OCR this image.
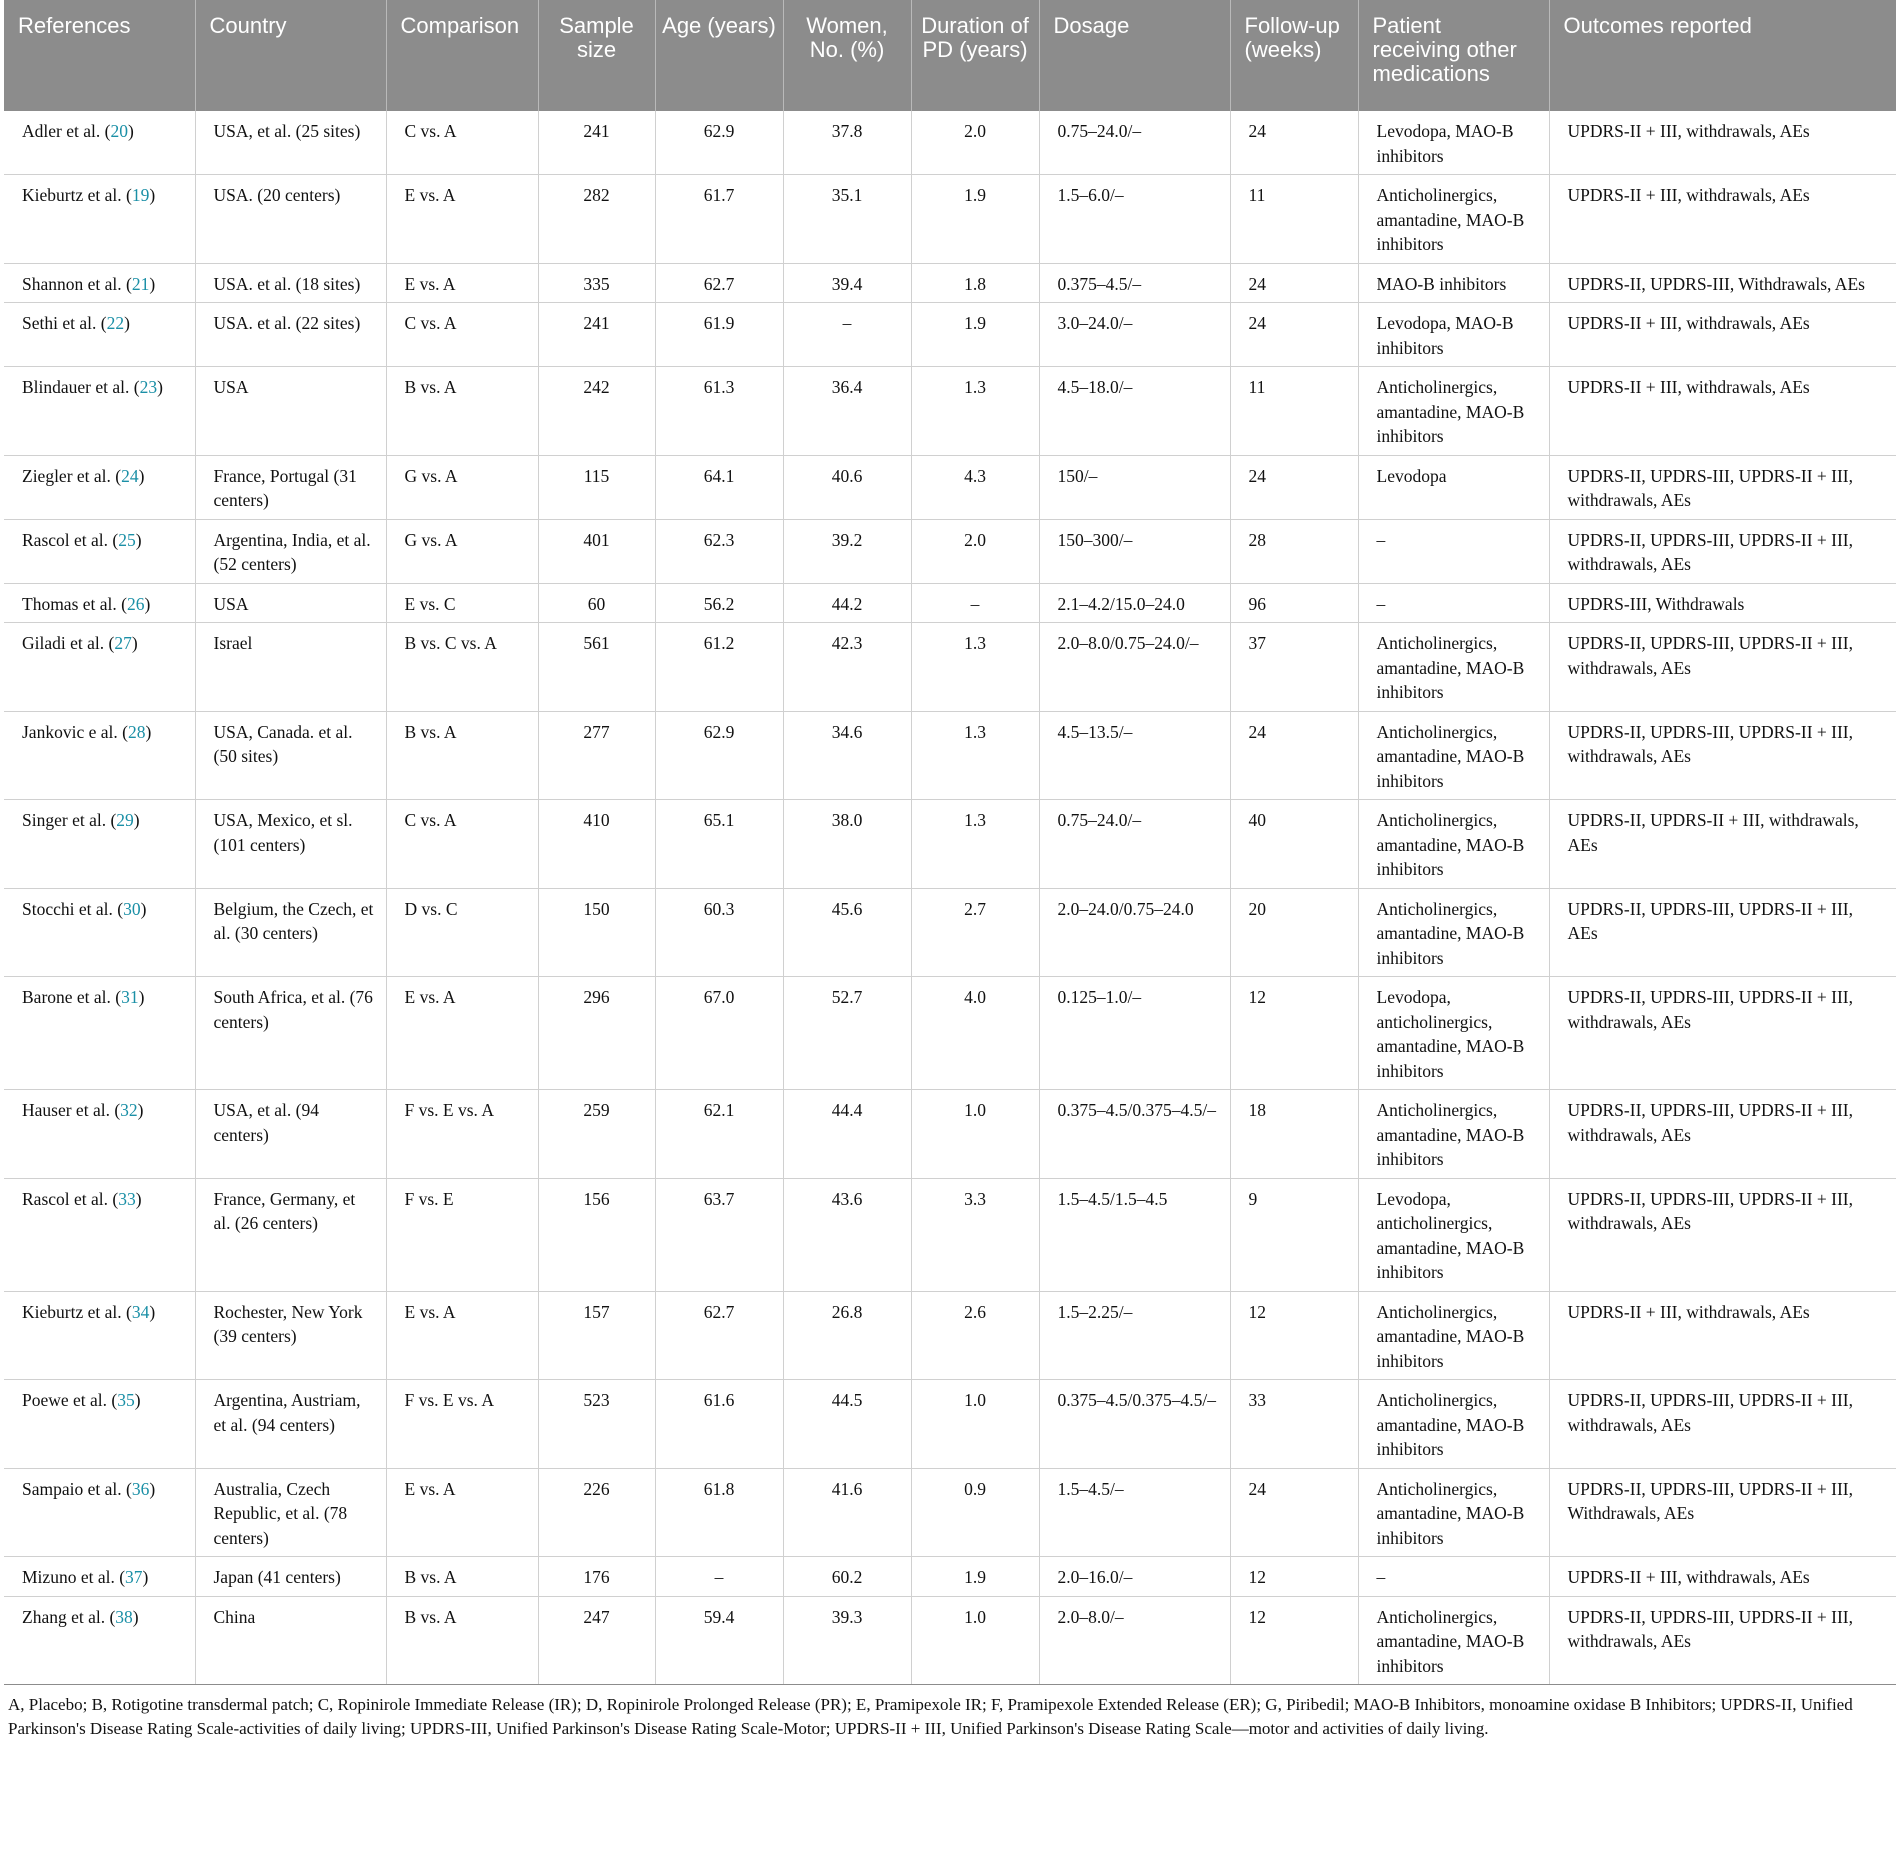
References	Country	Comparison	Sample size	Age (years)	Women, No. (%)	Duration of PD (years)	Dosage	Follow-up (weeks)	Patient receiving other medications	Outcomes reported
Adler et al. (20)	USA, et al. (25 sites)	C vs. A	241	62.9	37.8	2.0	0.75–24.0/–	24	Levodopa, MAO-B inhibitors	UPDRS-II + III, withdrawals, AEs
Kieburtz et al. (19)	USA. (20 centers)	E vs. A	282	61.7	35.1	1.9	1.5–6.0/–	11	Anticholinergics, amantadine, MAO-B inhibitors	UPDRS-II + III, withdrawals, AEs
Shannon et al. (21)	USA. et al. (18 sites)	E vs. A	335	62.7	39.4	1.8	0.375–4.5/–	24	MAO-B inhibitors	UPDRS-II, UPDRS-III, Withdrawals, AEs
Sethi et al. (22)	USA. et al. (22 sites)	C vs. A	241	61.9	–	1.9	3.0–24.0/–	24	Levodopa, MAO-B inhibitors	UPDRS-II + III, withdrawals, AEs
Blindauer et al. (23)	USA	B vs. A	242	61.3	36.4	1.3	4.5–18.0/–	11	Anticholinergics, amantadine, MAO-B inhibitors	UPDRS-II + III, withdrawals, AEs
Ziegler et al. (24)	France, Portugal (31 centers)	G vs. A	115	64.1	40.6	4.3	150/–	24	Levodopa	UPDRS-II, UPDRS-III, UPDRS-II + III, withdrawals, AEs
Rascol et al. (25)	Argentina, India, et al. (52 centers)	G vs. A	401	62.3	39.2	2.0	150–300/–	28	–	UPDRS-II, UPDRS-III, UPDRS-II + III, withdrawals, AEs
Thomas et al. (26)	USA	E vs. C	60	56.2	44.2	–	2.1–4.2/15.0–24.0	96	–	UPDRS-III, Withdrawals
Giladi et al. (27)	Israel	B vs. C vs. A	561	61.2	42.3	1.3	2.0–8.0/0.75–24.0/–	37	Anticholinergics, amantadine, MAO-B inhibitors	UPDRS-II, UPDRS-III, UPDRS-II + III, withdrawals, AEs
Jankovic e al. (28)	USA, Canada. et al. (50 sites)	B vs. A	277	62.9	34.6	1.3	4.5–13.5/–	24	Anticholinergics, amantadine, MAO-B inhibitors	UPDRS-II, UPDRS-III, UPDRS-II + III, withdrawals, AEs
Singer et al. (29)	USA, Mexico, et sl. (101 centers)	C vs. A	410	65.1	38.0	1.3	0.75–24.0/–	40	Anticholinergics, amantadine, MAO-B inhibitors	UPDRS-II, UPDRS-II + III, withdrawals, AEs
Stocchi et al. (30)	Belgium, the Czech, et al. (30 centers)	D vs. C	150	60.3	45.6	2.7	2.0–24.0/0.75–24.0	20	Anticholinergics, amantadine, MAO-B inhibitors	UPDRS-II, UPDRS-III, UPDRS-II + III, AEs
Barone et al. (31)	South Africa, et al. (76 centers)	E vs. A	296	67.0	52.7	4.0	0.125–1.0/–	12	Levodopa, anticholinergics, amantadine, MAO-B inhibitors	UPDRS-II, UPDRS-III, UPDRS-II + III, withdrawals, AEs
Hauser et al. (32)	USA, et al. (94 centers)	F vs. E vs. A	259	62.1	44.4	1.0	0.375–4.5/0.375–4.5/–	18	Anticholinergics, amantadine, MAO-B inhibitors	UPDRS-II, UPDRS-III, UPDRS-II + III, withdrawals, AEs
Rascol et al. (33)	France, Germany, et al. (26 centers)	F vs. E	156	63.7	43.6	3.3	1.5–4.5/1.5–4.5	9	Levodopa, anticholinergics, amantadine, MAO-B inhibitors	UPDRS-II, UPDRS-III, UPDRS-II + III, withdrawals, AEs
Kieburtz et al. (34)	Rochester, New York (39 centers)	E vs. A	157	62.7	26.8	2.6	1.5–2.25/–	12	Anticholinergics, amantadine, MAO-B inhibitors	UPDRS-II + III, withdrawals, AEs
Poewe et al. (35)	Argentina, Austriam, et al. (94 centers)	F vs. E vs. A	523	61.6	44.5	1.0	0.375–4.5/0.375–4.5/–	33	Anticholinergics, amantadine, MAO-B inhibitors	UPDRS-II, UPDRS-III, UPDRS-II + III, withdrawals, AEs
Sampaio et al. (36)	Australia, Czech Republic, et al. (78 centers)	E vs. A	226	61.8	41.6	0.9	1.5–4.5/–	24	Anticholinergics, amantadine, MAO-B inhibitors	UPDRS-II, UPDRS-III, UPDRS-II + III, Withdrawals, AEs
Mizuno et al. (37)	Japan (41 centers)	B vs. A	176	–	60.2	1.9	2.0–16.0/–	12	–	UPDRS-II + III, withdrawals, AEs
Zhang et al. (38)	China	B vs. A	247	59.4	39.3	1.0	2.0–8.0/–	12	Anticholinergics, amantadine, MAO-B inhibitors	UPDRS-II, UPDRS-III, UPDRS-II + III, withdrawals, AEs
A, Placebo; B, Rotigotine transdermal patch; C, Ropinirole Immediate Release (IR); D, Ropinirole Prolonged Release (PR); E, Pramipexole IR; F, Pramipexole Extended Release (ER); G, Piribedil; MAO-B Inhibitors, monoamine oxidase B Inhibitors; UPDRS-II, Unified Parkinson's Disease Rating Scale-activities of daily living; UPDRS-III, Unified Parkinson's Disease Rating Scale-Motor; UPDRS-II + III, Unified Parkinson's Disease Rating Scale—motor and activities of daily living.
